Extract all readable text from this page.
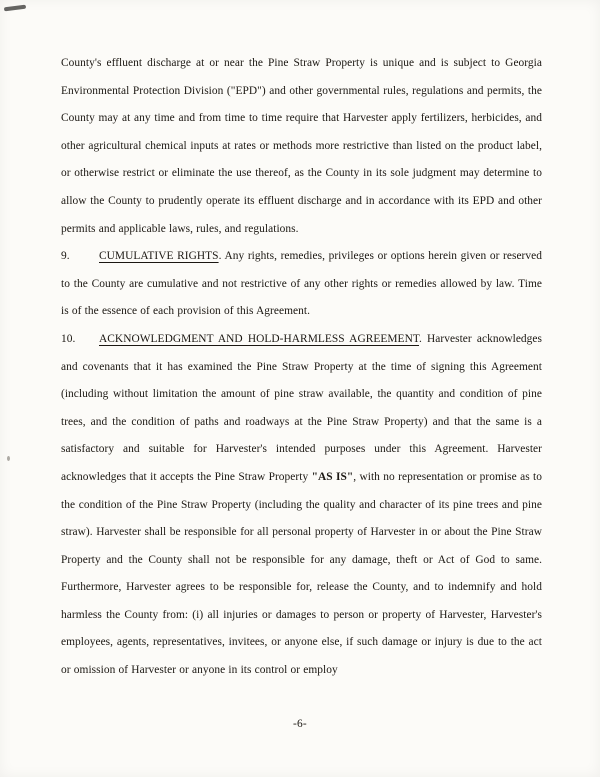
County's effluent discharge at or near the Pine Straw Property is unique and is subject to Georgia Environmental Protection Division ("EPD") and other governmental rules, regulations and permits, the County may at any time and from time to time require that Harvester apply fertilizers, herbicides, and other agricultural chemical inputs at rates or methods more restrictive than listed on the product label, or otherwise restrict or eliminate the use thereof, as the County in its sole judgment may determine to allow the County to prudently operate its effluent discharge and in accordance with its EPD and other permits and applicable laws, rules, and regulations.

9.	CUMULATIVE RIGHTS. Any rights, remedies, privileges or options herein given or reserved to the County are cumulative and not restrictive of any other rights or remedies allowed by law. Time is of the essence of each provision of this Agreement.

10. ACKNOWLEDGMENT AND HOLD-HARMLESS AGREEMENT. Harvester acknowledges and covenants that it has examined the Pine Straw Property at the time of signing this Agreement (including without limitation the amount of pine straw available, the quantity and condition of pine trees, and the condition of paths and roadways at the Pine Straw Property) and that the same is a satisfactory and suitable for Harvester's intended purposes under this Agreement. Harvester acknowledges that it accepts the Pine Straw Property "AS IS", with no representation or promise as to the condition of the Pine Straw Property (including the quality and character of its pine trees and pine straw). Harvester shall be responsible for all personal property of Harvester in or about the Pine Straw Property and the County shall not be responsible for any damage, theft or Act of God to same. Furthermore, Harvester agrees to be responsible for, release the County, and to indemnify and hold harmless the County from: (i) all injuries or damages to person or property of Harvester, Harvester's employees, agents, representatives, invitees, or anyone else, if such damage or injury is due to the act or omission of Harvester or anyone in its control or employ

-6-
